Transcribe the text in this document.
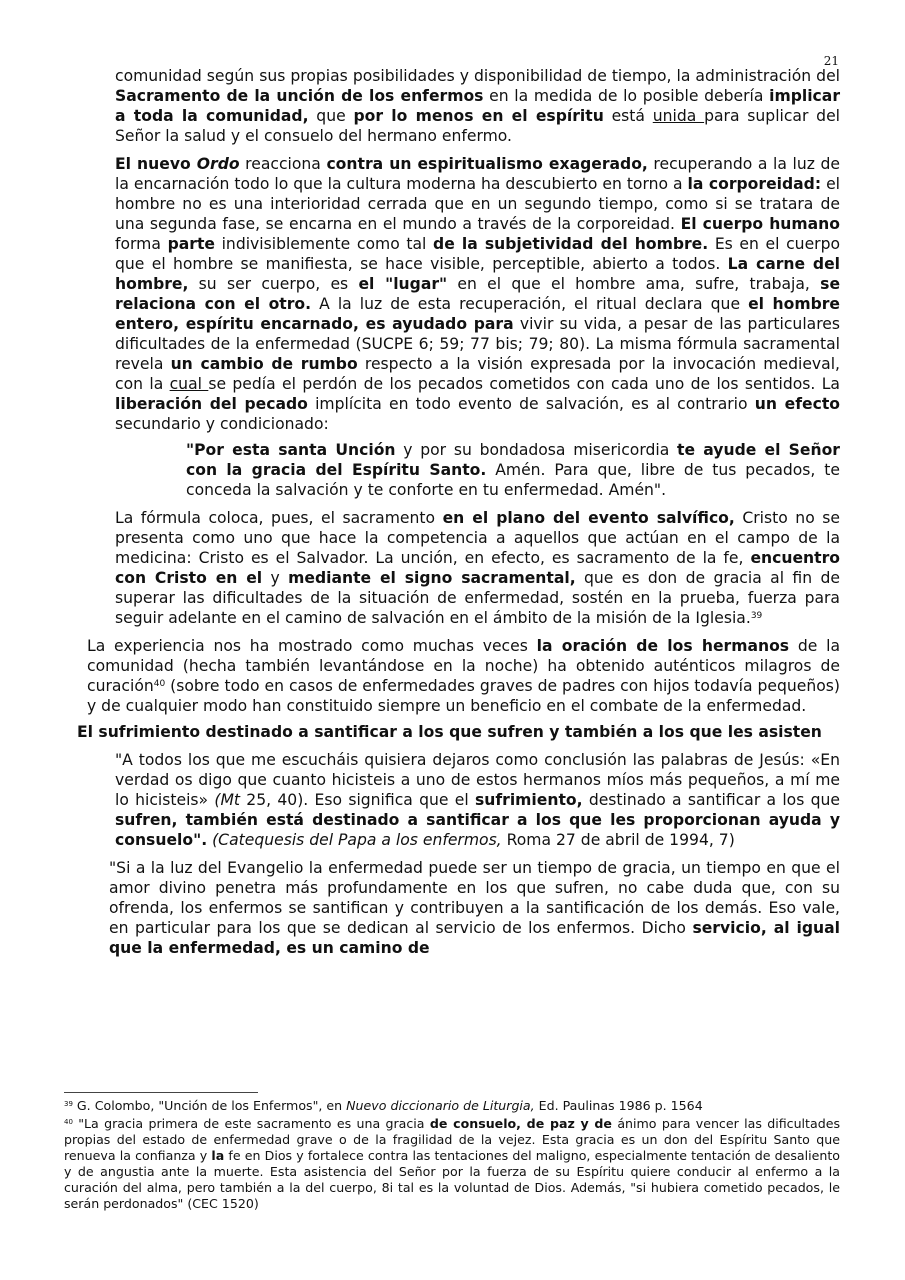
21

comunidad según sus propias posibilidades y disponibilidad de tiempo, la administración del Sacramento de la unción de los enfermos en la medida de lo posible debería implicar a toda la comunidad, que por lo menos en el espíritu está unida para suplicar del Señor la salud y el consuelo del hermano enfermo.

El nuevo Ordo reacciona contra un espiritualismo exagerado, recuperando a la luz de la encarnación todo lo que la cultura moderna ha descubierto en torno a la corporeidad: el hombre no es una interioridad cerrada que en un segundo tiempo, como si se tratara de una segunda fase, se encarna en el mundo a través de la corporeidad. El cuerpo humano forma parte indivisiblemente como tal de la subjetividad del hombre. Es en el cuerpo que el hombre se manifiesta, se hace visible, perceptible, abierto a todos. La carne del hombre, su ser cuerpo, es el "lugar" en el que el hombre ama, sufre, trabaja, se relaciona con el otro. A la luz de esta recuperación, el ritual declara que el hombre entero, espíritu encarnado, es ayudado para vivir su vida, a pesar de las particulares dificultades de la enfermedad (SUCPE 6; 59; 77 bis; 79; 80). La misma fórmula sacramental revela un cambio de rumbo respecto a la visión expresada por la invocación medieval, con la cual se pedía el perdón de los pecados cometidos con cada uno de los sentidos. La liberación del pecado implícita en todo evento de salvación, es al contrario un efecto secundario y condicionado:

"Por esta santa Unción y por su bondadosa misericordia te ayude el Señor con la gracia del Espíritu Santo. Amén. Para que, libre de tus pecados, te conceda la salvación y te conforte en tu enfermedad. Amén".

La fórmula coloca, pues, el sacramento en el plano del evento salvífico, Cristo no se presenta como uno que hace la competencia a aquellos que actúan en el campo de la medicina: Cristo es el Salvador. La unción, en efecto, es sacramento de la fe, encuentro con Cristo en el y mediante el signo sacramental, que es don de gracia al fin de superar las dificultades de la situación de enfermedad, sostén en la prueba, fuerza para seguir adelante en el camino de salvación en el ámbito de la misión de la Iglesia.$^{39}$

La experiencia nos ha mostrado como muchas veces la oración de los hermanos de la comunidad (hecha también levantándose en la noche) ha obtenido auténticos milagros de curación$^{40}$ (sobre todo en casos de enfermedades graves de padres con hijos todavía pequeños) y de cualquier modo han constituido siempre un beneficio en el combate de la enfermedad.

El sufrimiento destinado a santificar a los que sufren y también a los que les asisten

"A todos los que me escucháis quisiera dejaros como conclusión las palabras de Jesús: «En verdad os digo que cuanto hicisteis a uno de estos hermanos míos más pequeños, a mí me lo hicisteis» (Mt 25, 40). Eso significa que el sufrimiento, destinado a santificar a los que sufren, también está destinado a santificar a los que les proporcionan ayuda y consuelo". (Catequesis del Papa a los enfermos, Roma 27 de abril de 1994, 7)

"Si a la luz del Evangelio la enfermedad puede ser un tiempo de gracia, un tiempo en que el amor divino penetra más profundamente en los que sufren, no cabe duda que, con su ofrenda, los enfermos se santifican y contribuyen a la santificación de los demás. Eso vale, en particular para los que se dedican al servicio de los enfermos. Dicho servicio, al igual que la enfermedad, es un camino de

$^{39}$ G. Colombo, "Unción de los Enfermos", en Nuevo diccionario de Liturgia, Ed. Paulinas 1986 p. 1564
$^{40}$ "La gracia primera de este sacramento es una gracia de consuelo, de paz y de ánimo para vencer las dificultades propias del estado de enfermedad grave o de la fragilidad de la vejez. Esta gracia es un don del Espíritu Santo que renueva la confianza y la fe en Dios y fortalece contra las tentaciones del maligno, especialmente tentación de desaliento y de angustia ante la muerte. Esta asistencia del Señor por la fuerza de su Espíritu quiere conducir al enfermo a la curación del alma, pero también a la del cuerpo, 8i tal es la voluntad de Dios. Además, "si hubiera cometido pecados, le serán perdonados" (CEC 1520)
